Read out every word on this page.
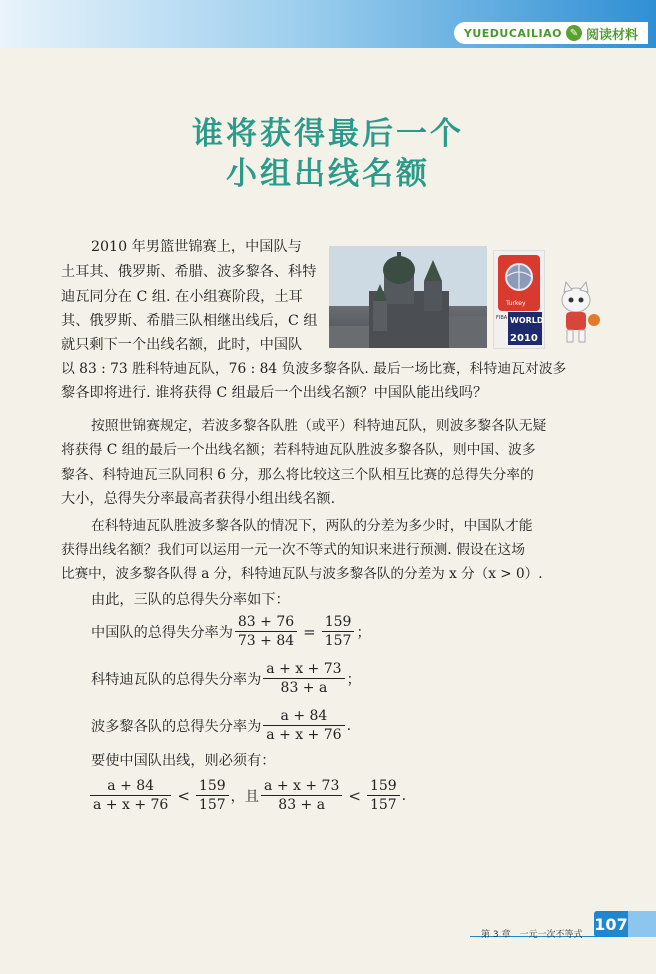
YUEDUCAILIAO ✎ 阅读材料
谁将获得最后一个
小组出线名额
Turkey
FIBA WORLD
2010

2010 年男篮世锦赛上，中国队与

土耳其、俄罗斯、希腊、波多黎各、科特

迪瓦同分在 C 组. 在小组赛阶段，土耳

其、俄罗斯、希腊三队相继出线后，C 组

就只剩下一个出线名额，此时，中国队

以 83 : 73 胜科特迪瓦队，76 : 84 负波多黎各队. 最后一场比赛，科特迪瓦对波多

黎各即将进行. 谁将获得 C 组最后一个出线名额？中国队能出线吗？

按照世锦赛规定，若波多黎各队胜（或平）科特迪瓦队，则波多黎各队无疑

将获得 C 组的最后一个出线名额；若科特迪瓦队胜波多黎各队，则中国、波多

黎各、科特迪瓦三队同积 6 分，那么将比较这三个队相互比赛的总得失分率的

大小，总得失分率最高者获得小组出线名额.

在科特迪瓦队胜波多黎各队的情况下，两队的分差为多少时，中国队才能

获得出线名额？我们可以运用一元一次不等式的知识来进行预测. 假设在这场

比赛中，波多黎各队得 a 分，科特迪瓦队与波多黎各队的分差为 x 分（x > 0）.

由此，三队的总得失分率如下：

中国队的总得失分率为 $\frac{83 + 76}{73 + 84} = \frac{159}{157}$ ；
科特迪瓦队的总得失分率为 $\frac{a + x + 73}{83 + a}$ ；
波多黎各队的总得失分率为 $\frac{a + 84}{a + x + 76}$ .

要使中国队出线，则必须有：

$\frac{a + 84}{a + x + 76} < \frac{159}{157}$ ，且 $\frac{a + x + 73}{83 + a} < \frac{159}{157}$ .
第 3 章　一元一次不等式
107
